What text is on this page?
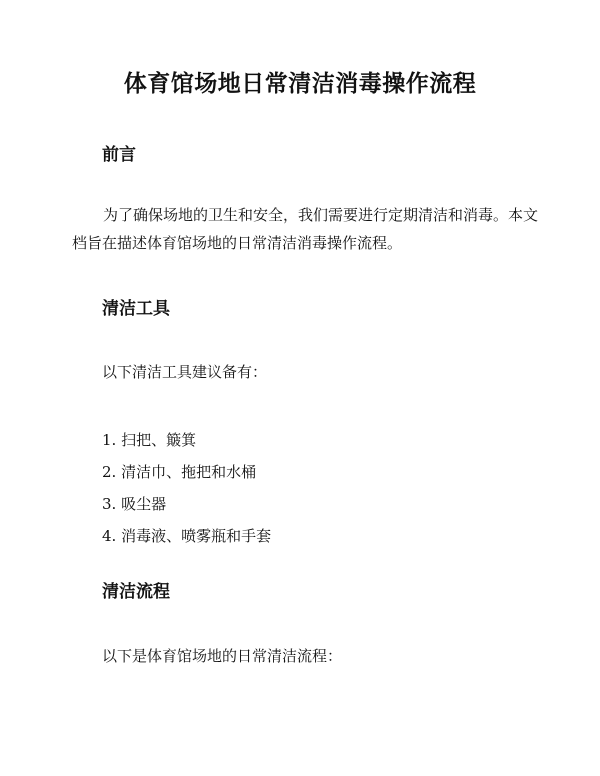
体育馆场地日常清洁消毒操作流程
前言

为了确保场地的卫生和安全，我们需要进行定期清洁和消毒。本文档旨在描述体育馆场地的日常清洁消毒操作流程。

清洁工具

以下清洁工具建议备有：

1. 扫把、簸箕
2. 清洁巾、拖把和水桶
3. 吸尘器
4. 消毒液、喷雾瓶和手套
清洁流程

以下是体育馆场地的日常清洁流程：
